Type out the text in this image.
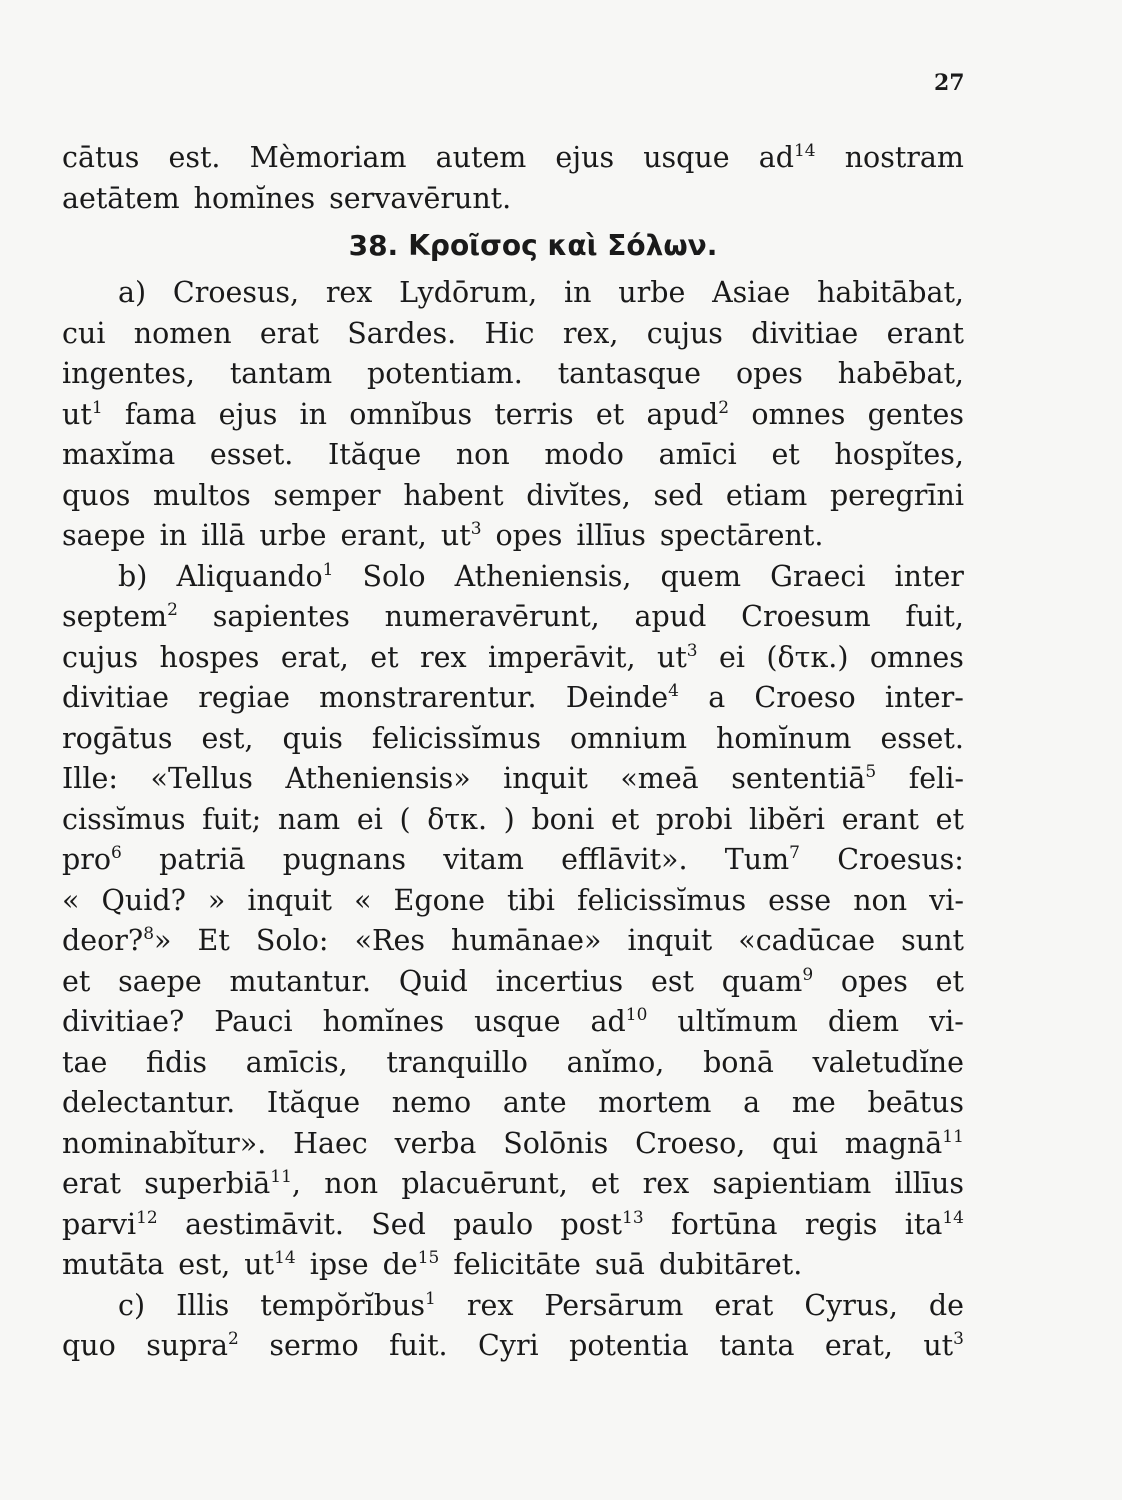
27
cātus est. Mèmoriam autem ejus usque $ad^{14}$ nostram
aetātem homĭnes servavērunt.
38. Κροῖσος καὶ Σόλων.
a) Croesus, rex Lydōrum, in urbe Asiae habitābat,
cui nomen erat Sardes. Hic rex, cujus divitiae erant
ingentes, tantam potentiam. tantasque opes habēbat,
$ut^1$ fama ejus in omnĭbus terris et apud$^2$ omnes gentes
maxĭma esset. Ităque non modo amīci et hospĭtes,
quos multos semper habent divĭtes, sed etiam peregrīni
saepe in illā urbe erant, $ut^3$ opes illīus spectārent.
b) Aliquando$^1$ Solo Atheniensis, quem Graeci inter
septem$^2$ sapientes numeravērunt, apud Croesum fuit,
cujus hospes erat, et rex imperāvit, $ut^3$ ei (δτκ.) omnes
divitiae regiae monstrarentur. Deinde$^4$ a Croeso inter-
rogātus est, quis felicissĭmus omnium homĭnum esset.
Ille: «Tellus Atheniensis» inquit «meā sententiā$^5$ feli-
cissĭmus fuit; nam ei ( δτκ. ) boni et probi libĕri erant et
pro$^6$ patriā pugnans vitam efflāvit». Tum$^7$ Croesus:
« Quid? » inquit « Egone tibi felicissĭmus esse non vi-
deor?$^8$» Et Solo: «Res humānae» inquit «cadūcae sunt
et saepe mutantur. Quid incertius est quam$^9$ opes et
divitiae? Pauci homĭnes usque $ad^{10}$ ultĭmum diem vi-
tae fidis amīcis, tranquillo anĭmo, bonā valetudĭne
delectantur. Ităque nemo ante mortem a me beātus
nominabĭtur». Haec verba Solōnis Croeso, qui magnā$^{11}$
erat superbiā$^{11}$, non placuērunt, et rex sapientiam illīus
parvi$^{12}$ aestimāvit. Sed paulo post$^{13}$ fortūna regis ita$^{14}$
mutāta est, $ut^{14}$ ipse $de^{15}$ felicitāte suā dubitāret.
c) Illis tempŏrĭbus$^1$ rex Persārum erat Cyrus, de
quo supra$^2$ sermo fuit. Cyri potentia tanta erat, $ut^3$
